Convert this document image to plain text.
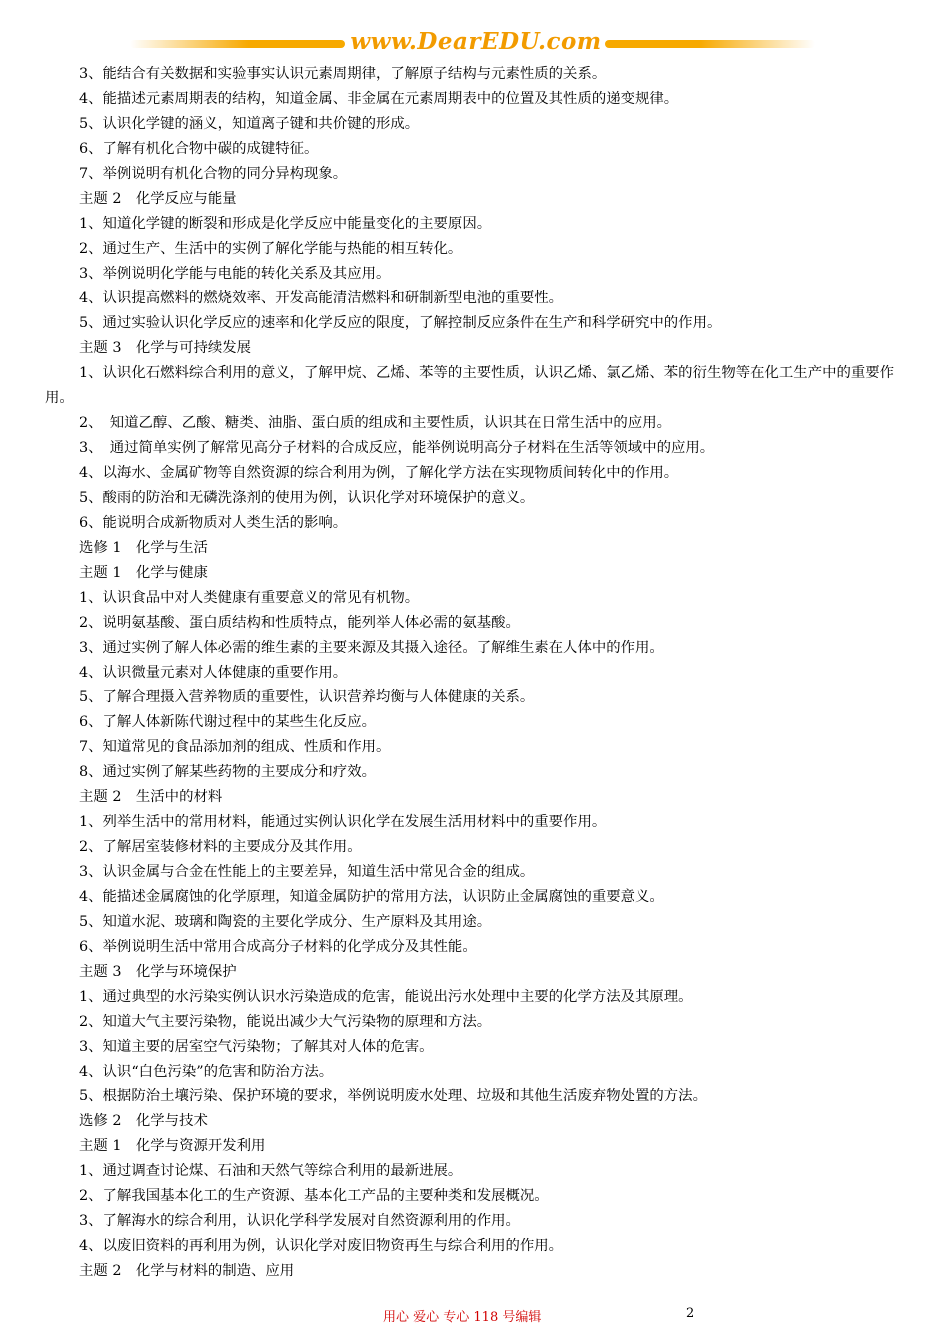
www.DearEDU.com
3、能结合有关数据和实验事实认识元素周期律，了解原子结构与元素性质的关系。
4、能描述元素周期表的结构，知道金属、非金属在元素周期表中的位置及其性质的递变规律。
5、认识化学键的涵义，知道离子键和共价键的形成。
6、了解有机化合物中碳的成键特征。
7、举例说明有机化合物的同分异构现象。
主题 2　化学反应与能量
1、知道化学键的断裂和形成是化学反应中能量变化的主要原因。
2、通过生产、生活中的实例了解化学能与热能的相互转化。
3、举例说明化学能与电能的转化关系及其应用。
4、认识提高燃料的燃烧效率、开发高能清洁燃料和研制新型电池的重要性。
5、通过实验认识化学反应的速率和化学反应的限度，了解控制反应条件在生产和科学研究中的作用。
主题 3　化学与可持续发展
1、认识化石燃料综合利用的意义，了解甲烷、乙烯、苯等的主要性质，认识乙烯、氯乙烯、苯的衍生物等在化工生产中的重要作用。
2、　知道乙醇、乙酸、糖类、油脂、蛋白质的组成和主要性质，认识其在日常生活中的应用。
3、　通过简单实例了解常见高分子材料的合成反应，能举例说明高分子材料在生活等领域中的应用。
4、以海水、金属矿物等自然资源的综合利用为例，了解化学方法在实现物质间转化中的作用。
5、酸雨的防治和无磷洗涤剂的使用为例，认识化学对环境保护的意义。
6、能说明合成新物质对人类生活的影响。
选修 1　化学与生活
主题 1　化学与健康
1、认识食品中对人类健康有重要意义的常见有机物。
2、说明氨基酸、蛋白质结构和性质特点，能列举人体必需的氨基酸。
3、通过实例了解人体必需的维生素的主要来源及其摄入途径。了解维生素在人体中的作用。
4、认识微量元素对人体健康的重要作用。
5、了解合理摄入营养物质的重要性，认识营养均衡与人体健康的关系。
6、了解人体新陈代谢过程中的某些生化反应。
7、知道常见的食品添加剂的组成、性质和作用。
8、通过实例了解某些药物的主要成分和疗效。
主题 2　生活中的材料
1、列举生活中的常用材料，能通过实例认识化学在发展生活用材料中的重要作用。
2、了解居室装修材料的主要成分及其作用。
3、认识金属与合金在性能上的主要差异，知道生活中常见合金的组成。
4、能描述金属腐蚀的化学原理，知道金属防护的常用方法，认识防止金属腐蚀的重要意义。
5、知道水泥、玻璃和陶瓷的主要化学成分、生产原料及其用途。
6、举例说明生活中常用合成高分子材料的化学成分及其性能。
主题 3　化学与环境保护
1、通过典型的水污染实例认识水污染造成的危害，能说出污水处理中主要的化学方法及其原理。
2、知道大气主要污染物，能说出减少大气污染物的原理和方法。
3、知道主要的居室空气污染物；了解其对人体的危害。
4、认识“白色污染”的危害和防治方法。
5、根据防治土壤污染、保护环境的要求，举例说明废水处理、垃圾和其他生活废弃物处置的方法。
选修 2　化学与技术
主题 1　化学与资源开发利用
1、通过调查讨论煤、石油和天然气等综合利用的最新进展。
2、了解我国基本化工的生产资源、基本化工产品的主要种类和发展概况。
3、了解海水的综合利用，认识化学科学发展对自然资源利用的作用。
4、以废旧资料的再利用为例，认识化学对废旧物资再生与综合利用的作用。
主题 2　化学与材料的制造、应用
用心 爱心 专心 118 号编辑	2
